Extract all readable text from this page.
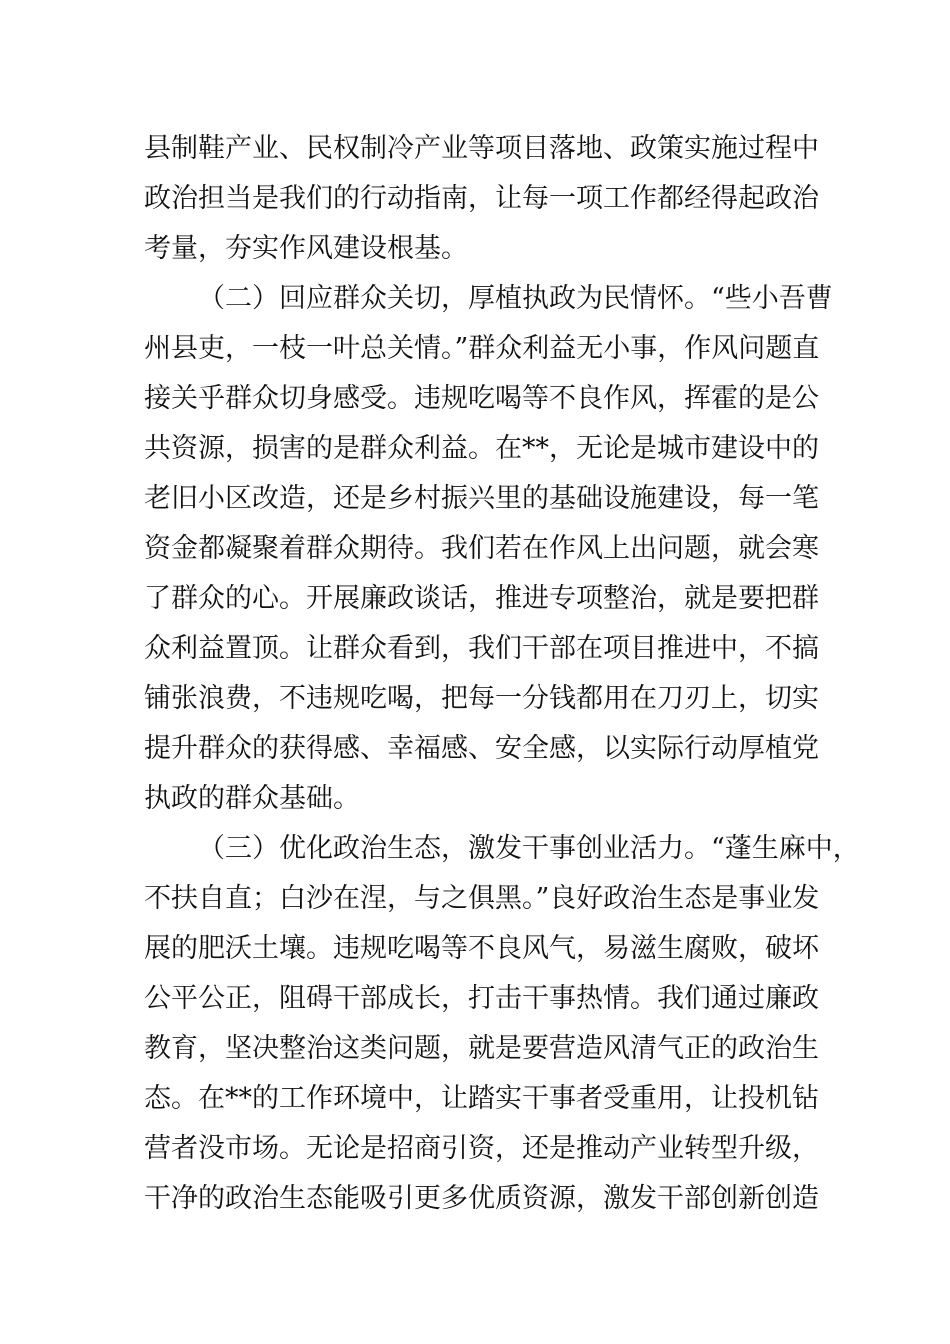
县制鞋产业、民权制冷产业等项目落地、政策实施过程中
政治担当是我们的行动指南，让每一项工作都经得起政治
考量，夯实作风建设根基。
（二）回应群众关切，厚植执政为民情怀。“些小吾曹
州县吏，一枝一叶总关情。”群众利益无小事，作风问题直
接关乎群众切身感受。违规吃喝等不良作风，挥霍的是公
共资源，损害的是群众利益。在**，无论是城市建设中的
老旧小区改造，还是乡村振兴里的基础设施建设，每一笔
资金都凝聚着群众期待。我们若在作风上出问题，就会寒
了群众的心。开展廉政谈话，推进专项整治，就是要把群
众利益置顶。让群众看到，我们干部在项目推进中，不搞
铺张浪费，不违规吃喝，把每一分钱都用在刀刃上，切实
提升群众的获得感、幸福感、安全感，以实际行动厚植党
执政的群众基础。
（三）优化政治生态，激发干事创业活力。“蓬生麻中，
不扶自直；白沙在涅，与之俱黑。”良好政治生态是事业发
展的肥沃土壤。违规吃喝等不良风气，易滋生腐败，破坏
公平公正，阻碍干部成长，打击干事热情。我们通过廉政
教育，坚决整治这类问题，就是要营造风清气正的政治生
态。在**的工作环境中，让踏实干事者受重用，让投机钻
营者没市场。无论是招商引资，还是推动产业转型升级，
干净的政治生态能吸引更多优质资源，激发干部创新创造
